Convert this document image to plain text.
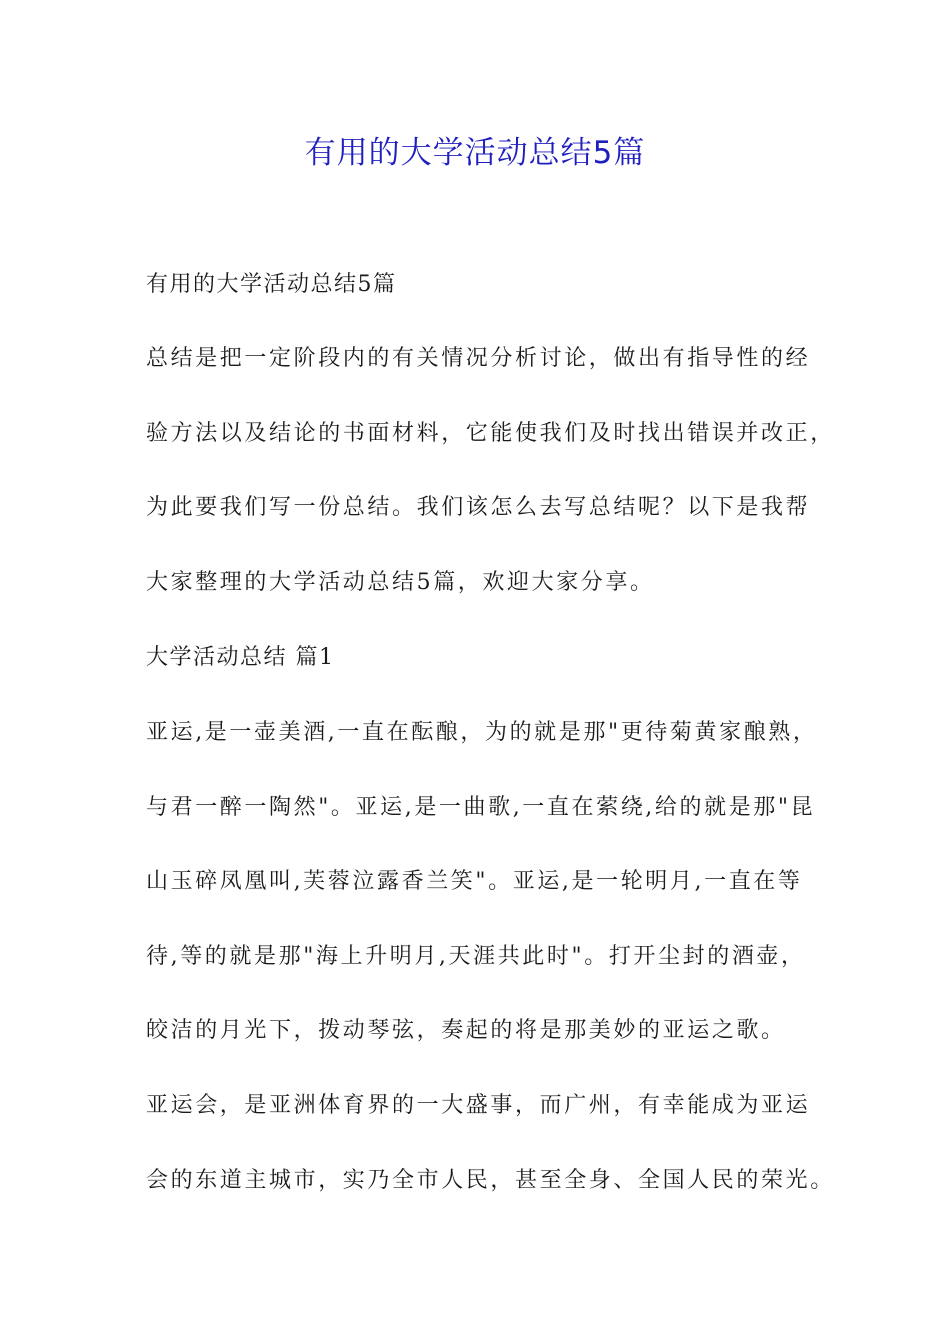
有用的大学活动总结5篇

有用的大学活动总结5篇

总结是把一定阶段内的有关情况分析讨论，做出有指导性的经

验方法以及结论的书面材料，它能使我们及时找出错误并改正，

为此要我们写一份总结。我们该怎么去写总结呢？以下是我帮

大家整理的大学活动总结5篇，欢迎大家分享。

大学活动总结 篇1

亚运,是一壶美酒,一直在酝酿，为的就是那"更待菊黄家酿熟，

与君一醉一陶然"。亚运,是一曲歌,一直在萦绕,给的就是那"昆

山玉碎凤凰叫,芙蓉泣露香兰笑"。亚运,是一轮明月,一直在等

待,等的就是那"海上升明月,天涯共此时"。打开尘封的酒壶，

皎洁的月光下，拨动琴弦，奏起的将是那美妙的亚运之歌。

亚运会，是亚洲体育界的一大盛事，而广州，有幸能成为亚运

会的东道主城市，实乃全市人民，甚至全身、全国人民的荣光。
